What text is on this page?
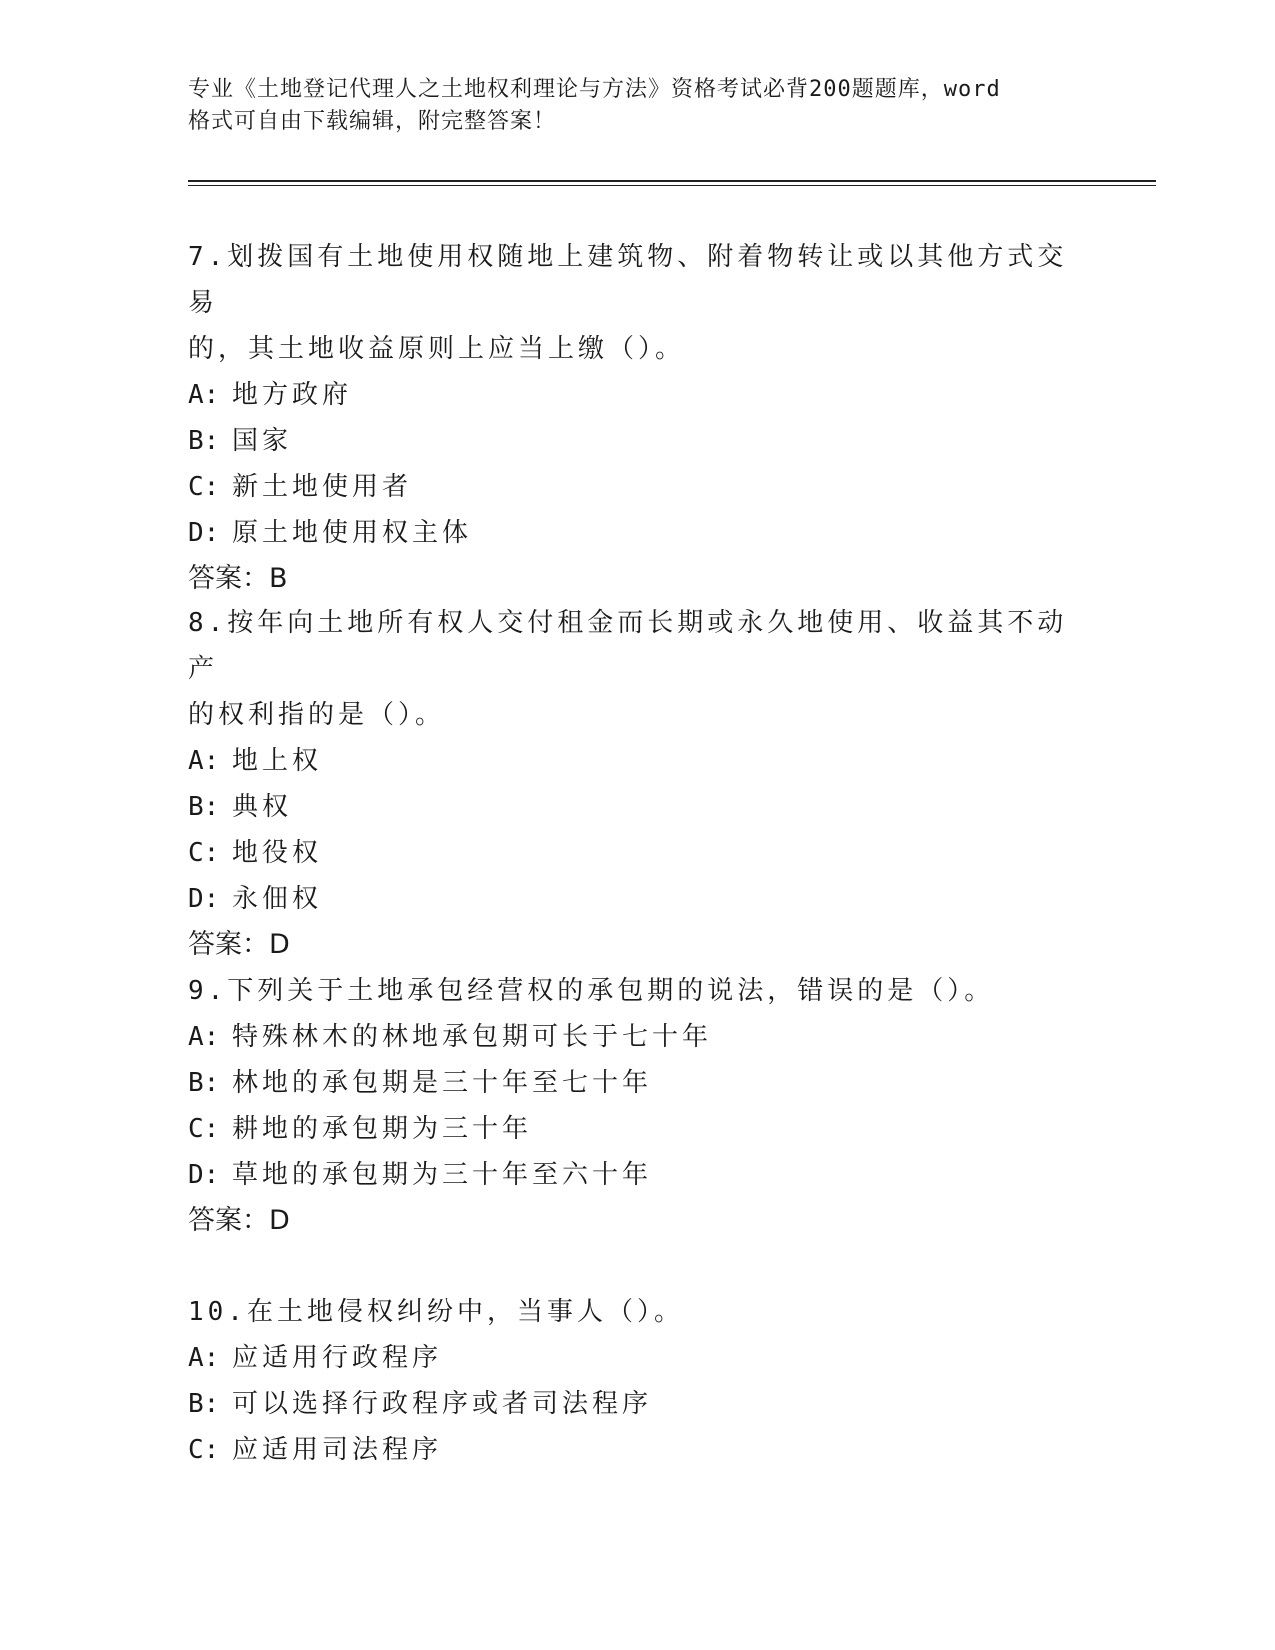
专业《土地登记代理人之土地权利理论与方法》资格考试必背200题题库，word
格式可自由下载编辑，附完整答案！

7.划拨国有土地使用权随地上建筑物、附着物转让或以其他方式交易
的，其土地收益原则上应当上缴（）。

A: 地方政府

B: 国家

C: 新土地使用者

D: 原土地使用权主体

答案：B

8.按年向土地所有权人交付租金而长期或永久地使用、收益其不动产
的权利指的是（）。

A: 地上权

B: 典权

C: 地役权

D: 永佃权

答案：D

9.下列关于土地承包经营权的承包期的说法，错误的是（）。

A: 特殊林木的林地承包期可长于七十年

B: 林地的承包期是三十年至七十年

C: 耕地的承包期为三十年

D: 草地的承包期为三十年至六十年

答案：D

10.在土地侵权纠纷中，当事人（）。

A: 应适用行政程序

B: 可以选择行政程序或者司法程序

C: 应适用司法程序
